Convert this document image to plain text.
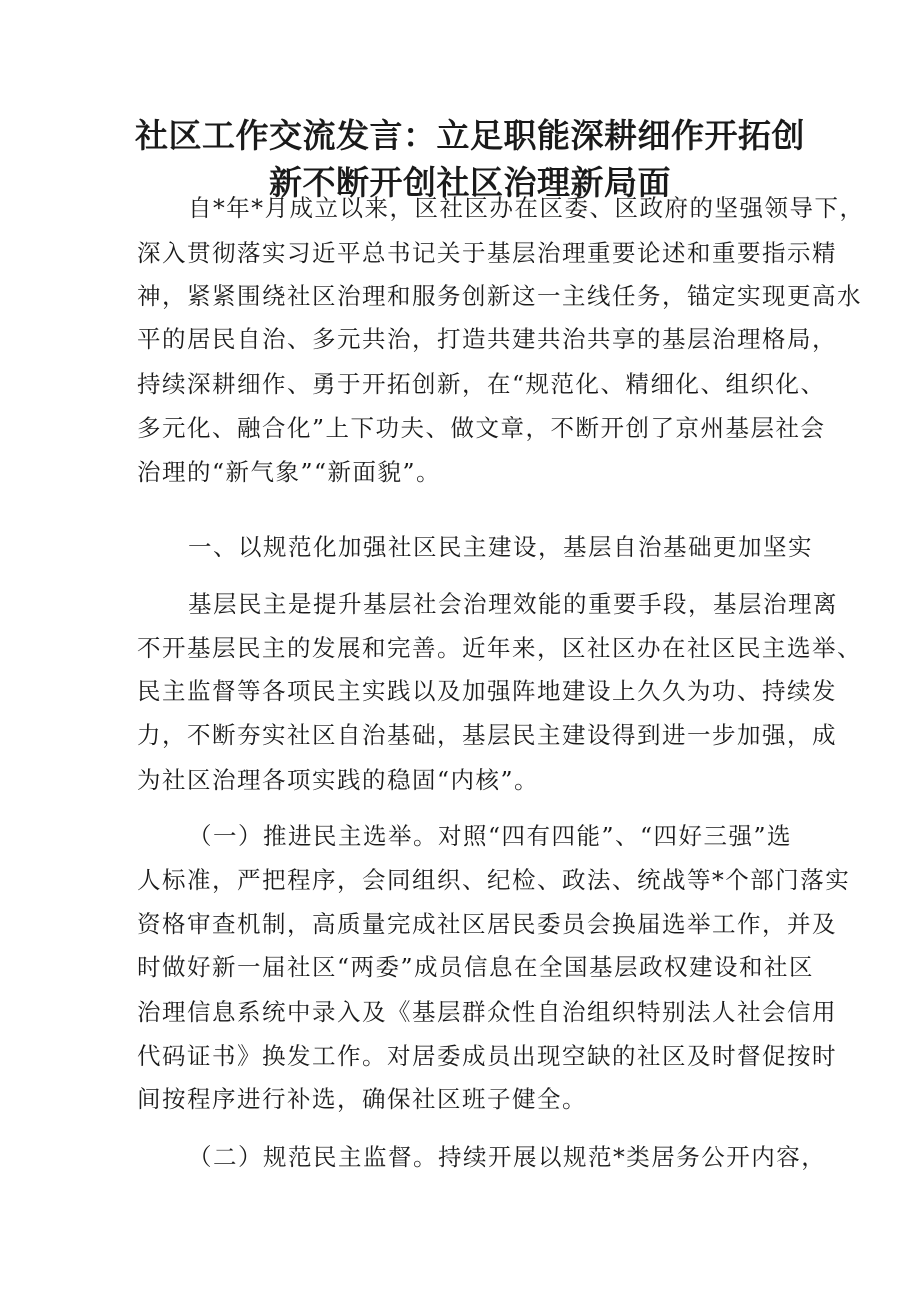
社区工作交流发言：立足职能深耕细作开拓创
新不断开创社区治理新局面
自*年*月成立以来，区社区办在区委、区政府的坚强领导下，
深入贯彻落实习近平总书记关于基层治理重要论述和重要指示精
神，紧紧围绕社区治理和服务创新这一主线任务，锚定实现更高水
平的居民自治、多元共治，打造共建共治共享的基层治理格局，
持续深耕细作、勇于开拓创新，在“规范化、精细化、组织化、
多元化、融合化”上下功夫、做文章，不断开创了京州基层社会
治理的“新气象”“新面貌”。
一、以规范化加强社区民主建设，基层自治基础更加坚实
基层民主是提升基层社会治理效能的重要手段，基层治理离
不开基层民主的发展和完善。近年来，区社区办在社区民主选举、
民主监督等各项民主实践以及加强阵地建设上久久为功、持续发
力，不断夯实社区自治基础，基层民主建设得到进一步加强，成
为社区治理各项实践的稳固“内核”。
（一）推进民主选举。对照“四有四能”、“四好三强”选
人标准，严把程序，会同组织、纪检、政法、统战等*个部门落实
资格审查机制，高质量完成社区居民委员会换届选举工作，并及
时做好新一届社区“两委”成员信息在全国基层政权建设和社区
治理信息系统中录入及《基层群众性自治组织特别法人社会信用
代码证书》换发工作。对居委成员出现空缺的社区及时督促按时
间按程序进行补选，确保社区班子健全。
（二）规范民主监督。持续开展以规范*类居务公开内容，
